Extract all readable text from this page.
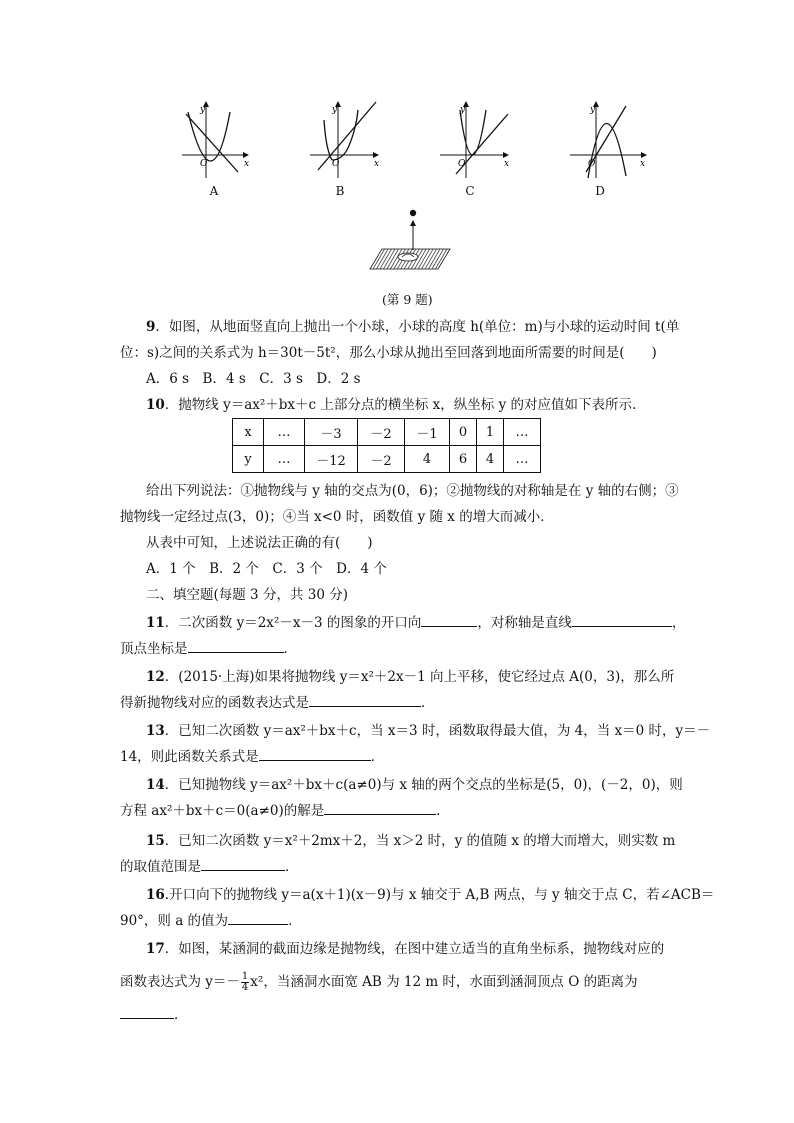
y
x
O
A
y
x
O
B
y
x
O
C
y
x
O
D
(第 9 题)
9．如图，从地面竖直向上抛出一个小球，小球的高度 h(单位：m)与小球的运动时间 t(单
位：s)之间的关系式为 h＝30t－5t²，那么小球从抛出至回落到地面所需要的时间是(　　)
A．6 s　B．4 s　C．3 s　D．2 s
10．抛物线 y＝ax²＋bx＋c 上部分点的横坐标 x，纵坐标 y 的对应值如下表所示.
x	…	－3	－2	－1	0	1	…
y	…	－12	－2	4	6	4	…
给出下列说法：①抛物线与 y 轴的交点为(0，6)；②抛物线的对称轴是在 y 轴的右侧；③
抛物线一定经过点(3，0)；④当 x<0 时，函数值 y 随 x 的增大而减小．
从表中可知，上述说法正确的有(　　)
A．1 个　B．2 个　C．3 个　D．4 个
二、填空题(每题 3 分，共 30 分)
11．二次函数 y＝2x²－x－3 的图象的开口向	，对称轴是直线	，
顶点坐标是	．
12．(2015·上海)如果将抛物线 y＝x²＋2x－1 向上平移，使它经过点 A(0，3)，那么所
得新抛物线对应的函数表达式是	．
13．已知二次函数 y＝ax²＋bx＋c，当 x＝3 时，函数取得最大值，为 4，当 x＝0 时，y＝－
14，则此函数关系式是	．
14．已知抛物线 y＝ax²＋bx＋c(a≠0)与 x 轴的两个交点的坐标是(5，0)，(－2，0)，则
方程 ax²＋bx＋c＝0(a≠0)的解是	．
15．已知二次函数 y＝x²＋2mx＋2，当 x＞2 时，y 的值随 x 的增大而增大，则实数 m
的取值范围是	．
16.开口向下的抛物线 y＝a(x＋1)(x－9)与 x 轴交于 A,B 两点，与 y 轴交于点 C，若∠ACB＝
90°，则 a 的值为	．
17．如图，某涵洞的截面边缘是抛物线，在图中建立适当的直角坐标系，抛物线对应的
函数表达式为 $y=- \frac{1}{4} x^2$，当涵洞水面宽 AB 为 12 m 时，水面到涵洞顶点 O 的距离为
．
